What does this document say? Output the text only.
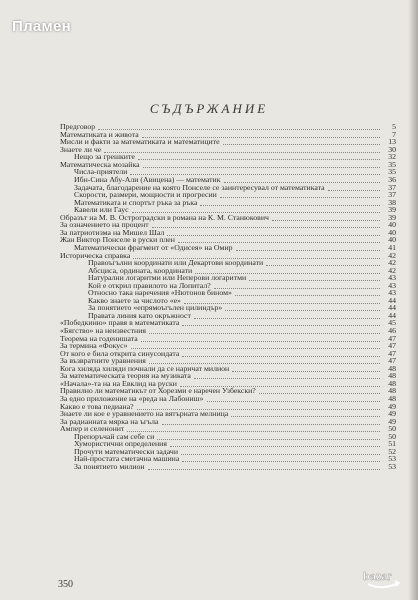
Пламен
СЪДЪРЖАНИЕ
Предговор	5
Математиката и живота	7
Мисли и факти за математиката и математиците	13
Знаете ли че	30
Нещо за грешките	32
Математическа мозайка	35
Числа-приятели	35
Ибн-Сина Абу-Али (Авиценa) — математик	36
Задачата, благодарение на която Понселе се заинтересувал от математиката	37
Скорости, размери, мощности и прогресии	37
Математиката и спортът ръка за ръка	38
Кавели или Гаус	39
Образът на М. В. Остроградски в романа на К. М. Станюкович	39
За означението на процент	40
За патриотизма на Мишел Шал	40
Жан Виктор Понселе в руски плен	40
Математически фрагмент от «Одисея» на Омир	41
Историческа справка	42
Правоъгълни координати или Декартови координати	42
Абсциса, ордината, координати	42
Натурални логаритми или Неперови логаритми	43
Кой е открил правилото на Лопитал?	43
Относно така наречения «Нютонов бином»	43
Какво знаете за числото «е»	44
За понятието «епрямоъгълен цилиндър»	44
Правата линия като окръжност	44
«Победкиню» правя в математиката	45
«Бягство» на неизвестния	46
Теорема на годенишата	47
За термина «Фокус»	47
От кого е била открита синусоидата	47
За възвратните уравнения	47
Кога хилядa хиляди почнали да се наричат милион	48
За математическата теория на музиката	48
«Начала»-та на на Евклид на руски	48
Правилно ли математикът от Хорезми е наречен Узбекски?	48
За едно приложение на «реда на Лабониш»	48
Какво е това педиана?	49
Знаете ли кое е уравнението на вятърната мелница	49
За радианната мярка на ъгъла	49
Ампер и селенонит	50
Препоръчай сам себе си	50
Хумористични определения	51
Прочути математически задачи	52
Най-простата сметачна машина	53
За понятието милион	53
350
bazar
